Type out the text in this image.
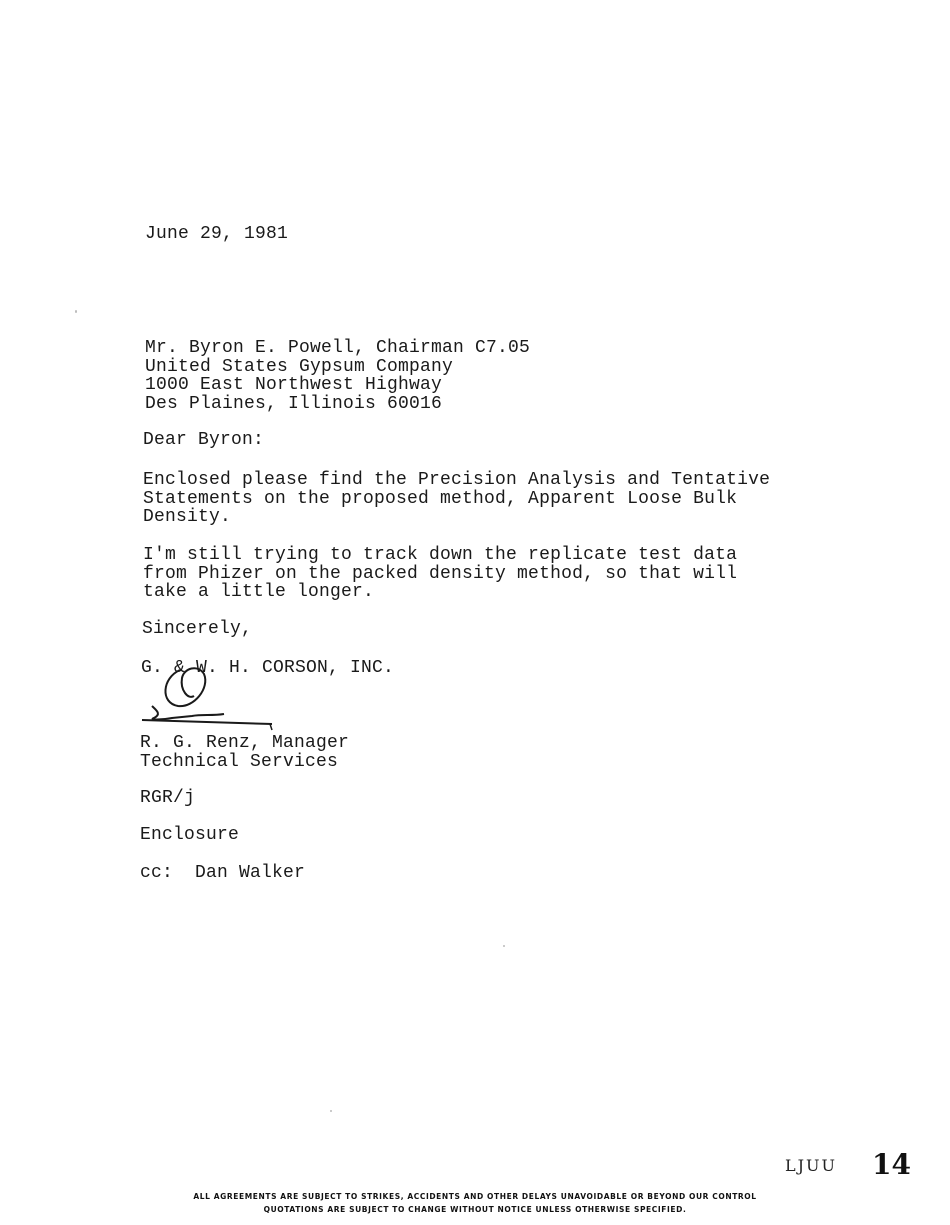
June 29, 1981
Mr. Byron E. Powell, Chairman C7.05
United States Gypsum Company
1000 East Northwest Highway
Des Plaines, Illinois 60016
Dear Byron:
Enclosed please find the Precision Analysis and Tentative
Statements on the proposed method, Apparent Loose Bulk
Density.
I'm still trying to track down the replicate test data
from Phizer on the packed density method, so that will
take a little longer.
Sincerely,
G. & W. H. CORSON, INC.
R. G. Renz, Manager
Technical Services
RGR/j
Enclosure
cc:  Dan Walker
LJUU 14
ALL AGREEMENTS ARE SUBJECT TO STRIKES, ACCIDENTS AND OTHER DELAYS UNAVOIDABLE OR BEYOND OUR CONTROL
QUOTATIONS ARE SUBJECT TO CHANGE WITHOUT NOTICE UNLESS OTHERWISE SPECIFIED.
